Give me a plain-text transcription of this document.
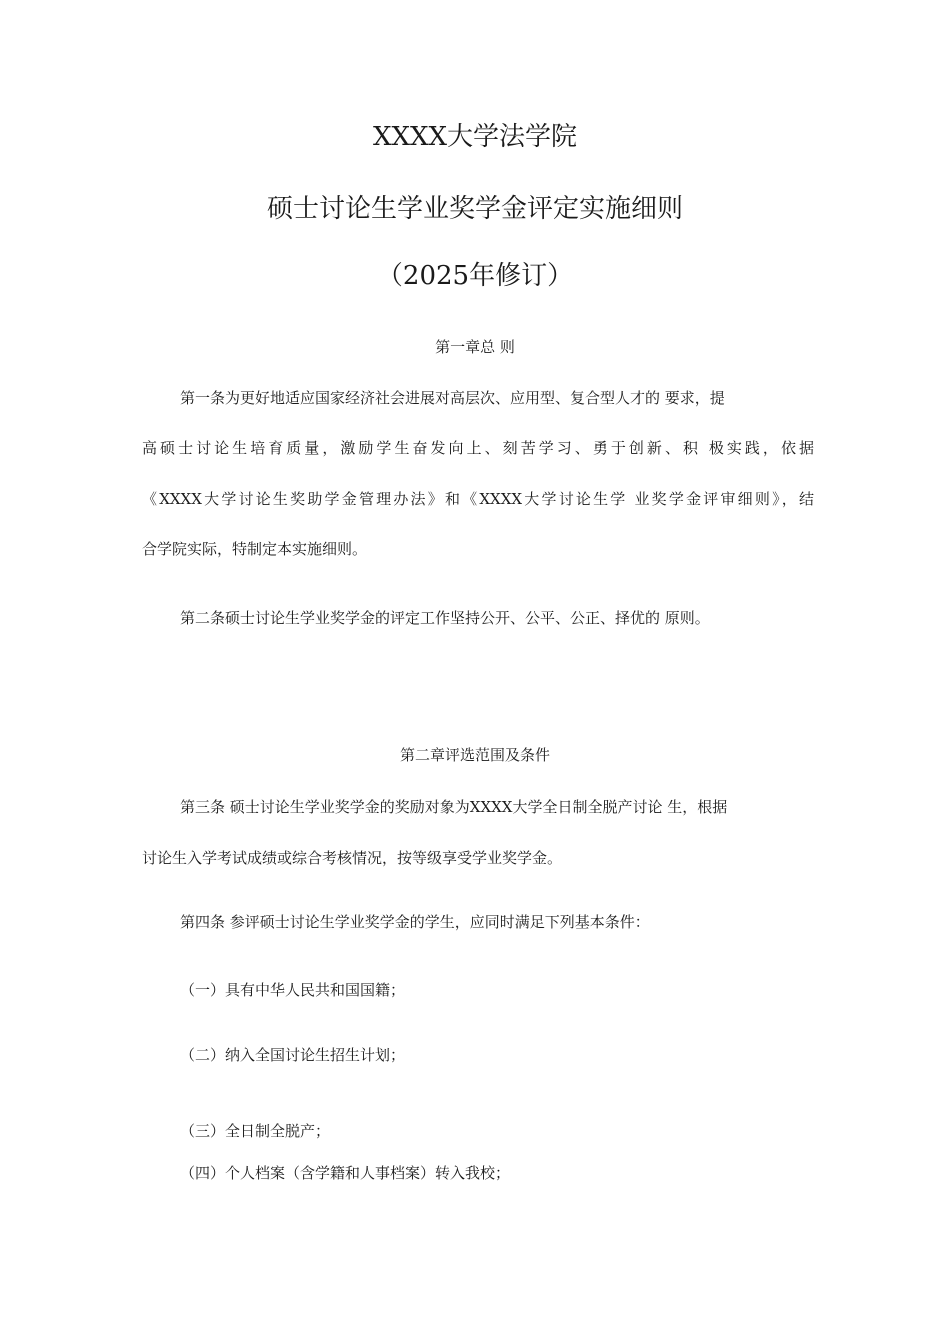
XXXX大学法学院
硕士讨论生学业奖学金评定实施细则
（2025年修订）
第一章总 则
第一条为更好地适应国家经济社会进展对高层次、应用型、复合型人才的 要求，提
高硕士讨论生培育质量，激励学生奋发向上、刻苦学习、勇于创新、积 极实践，依据
《XXXX大学讨论生奖助学金管理办法》和《XXXX大学讨论生学 业奖学金评审细则》，结
合学院实际，特制定本实施细则。
第二条硕士讨论生学业奖学金的评定工作坚持公开、公平、公正、择优的 原则。
第二章评选范围及条件
第三条 硕士讨论生学业奖学金的奖励对象为XXXX大学全日制全脱产讨论 生，根据
讨论生入学考试成绩或综合考核情况，按等级享受学业奖学金。
第四条 参评硕士讨论生学业奖学金的学生，应同时满足下列基本条件：
（一）具有中华人民共和国国籍；
（二）纳入全国讨论生招生计划；
（三）全日制全脱产；
（四）个人档案（含学籍和人事档案）转入我校；
